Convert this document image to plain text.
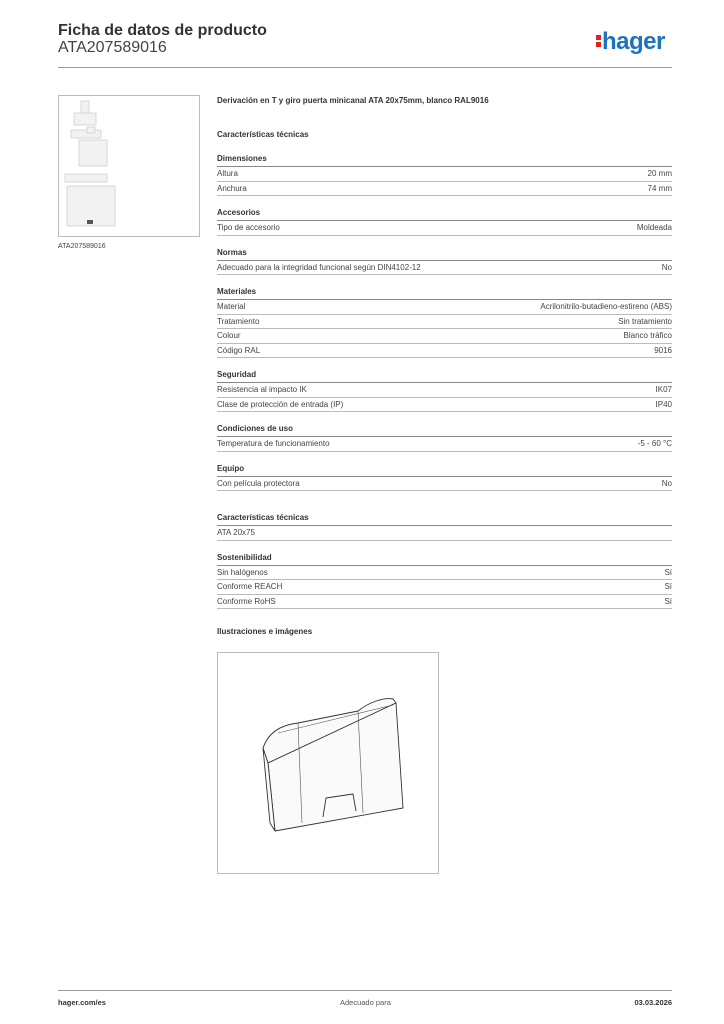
Ficha de datos de producto
ATA207589016	hager
ATA207589016
Derivación en T y giro puerta minicanal ATA 20x75mm, blanco RAL9016
Características técnicas
Dimensiones
Altura	20 mm
Anchura	74 mm
Accesorios
Tipo de accesorio	Moldeada
Normas
Adecuado para la integridad funcional según DIN4102-12	No
Materiales
Material	Acrilonitrilo-butadieno-estireno (ABS)
Tratamiento	Sin tratamiento
Colour	Blanco tráfico
Código RAL	9016
Seguridad
Resistencia al impacto IK	IK07
Clase de protección de entrada (IP)	IP40
Condiciones de uso
Temperatura de funcionamiento	-5 - 60 °C
Equipo
Con película protectora	No
Características técnicas
ATA 20x75
Sostenibilidad
Sin halógenos	Sí
Conforme REACH	Sí
Conforme RoHS	Sí
Ilustraciones e imágenes
hager.com/es	Adecuado para	03.03.2026
